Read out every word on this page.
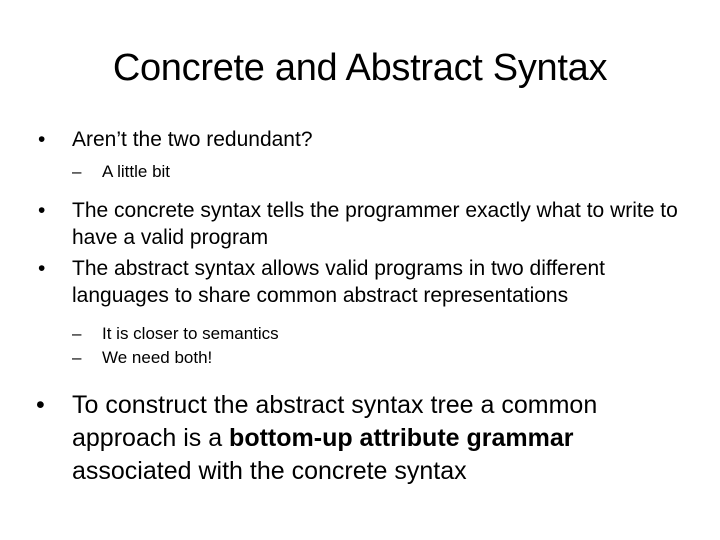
Concrete and Abstract Syntax
• Aren’t the two redundant?
– A little bit
• The concrete syntax tells the programmer exactly what to write to have a valid program
• The abstract syntax allows valid programs in two different languages to share common abstract representations
– It is closer to semantics
– We need both!
• To construct the abstract syntax tree a common approach is a bottom-up attribute grammar associated with the concrete syntax
